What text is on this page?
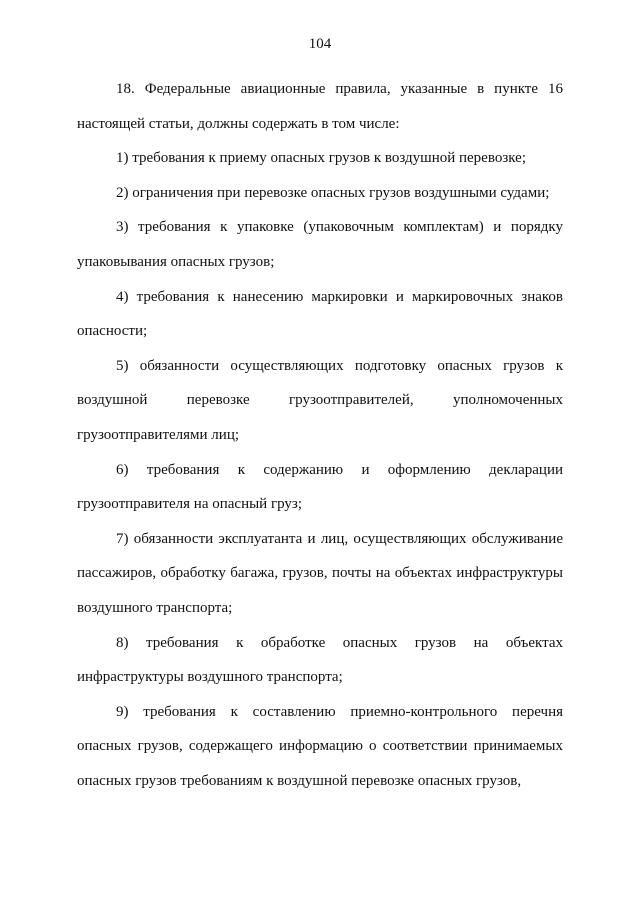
104

18. Федеральные авиационные правила, указанные в пункте 16 настоящей статьи, должны содержать в том числе:

1) требования к приему опасных грузов к воздушной перевозке;

2) ограничения при перевозке опасных грузов воздушными судами;

3) требования к упаковке (упаковочным комплектам) и порядку упаковывания опасных грузов;

4) требования к нанесению маркировки и маркировочных знаков опасности;

5) обязанности осуществляющих подготовку опасных грузов к воздушной перевозке грузоотправителей, уполномоченных грузоотправителями лиц;

6) требования к содержанию и оформлению декларации грузоотправителя на опасный груз;

7) обязанности эксплуатанта и лиц, осуществляющих обслуживание пассажиров, обработку багажа, грузов, почты на объектах инфраструктуры воздушного транспорта;

8) требования к обработке опасных грузов на объектах инфраструктуры воздушного транспорта;

9) требования к составлению приемно-контрольного перечня опасных грузов, содержащего информацию о соответствии принимаемых опасных грузов требованиям к воздушной перевозке опасных грузов,
